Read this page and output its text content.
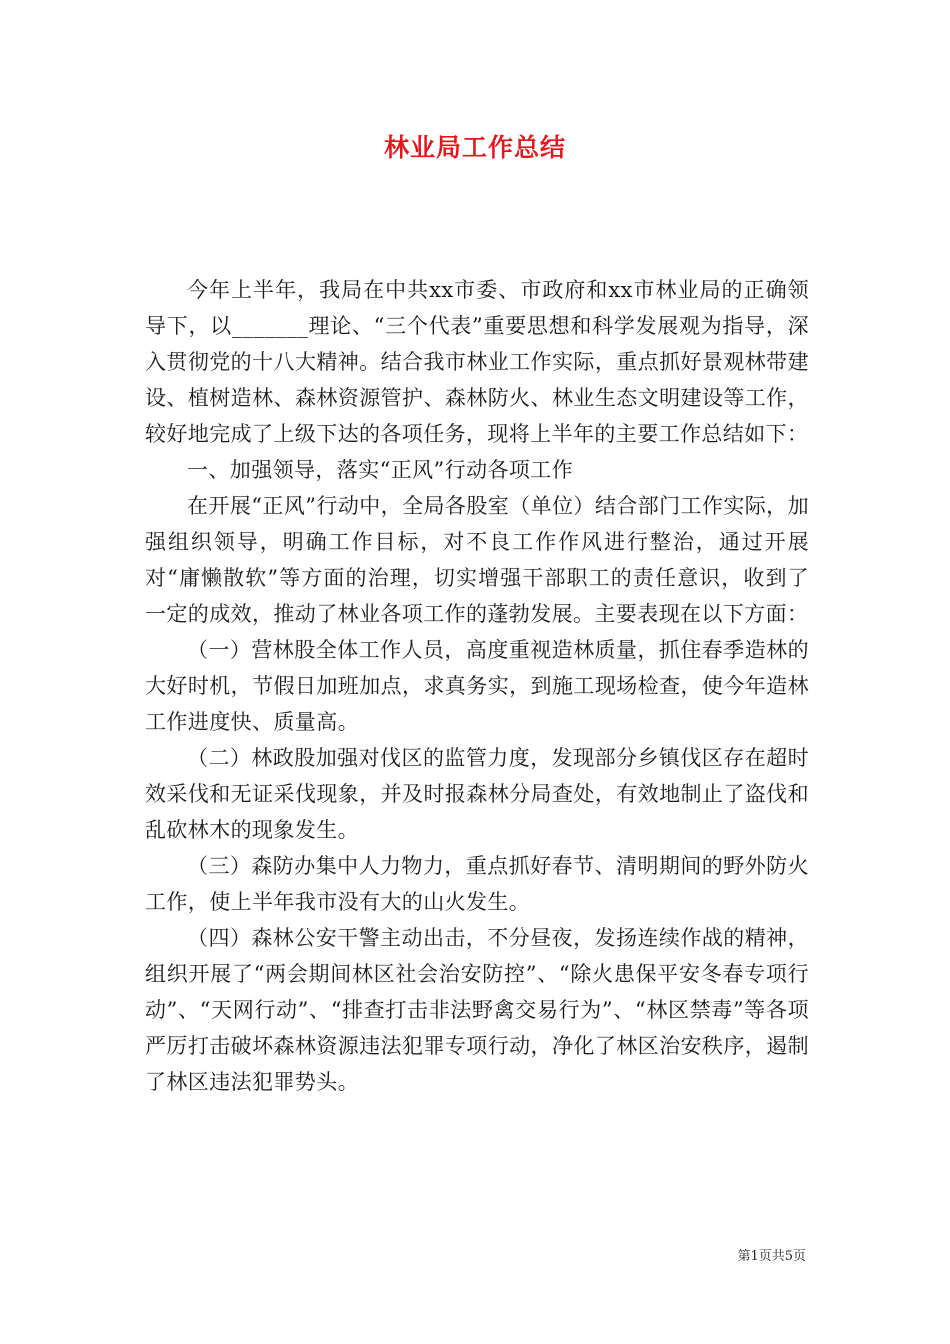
林业局工作总结

今年上半年，我局在中共xx市委、市政府和xx市林业局的正确领导下，以_______理论、“三个代表”重要思想和科学发展观为指导，深入贯彻党的十八大精神。结合我市林业工作实际，重点抓好景观林带建设、植树造林、森林资源管护、森林防火、林业生态文明建设等工作，较好地完成了上级下达的各项任务，现将上半年的主要工作总结如下：

一、加强领导，落实“正风”行动各项工作

在开展“正风”行动中，全局各股室（单位）结合部门工作实际，加强组织领导，明确工作目标，对不良工作作风进行整治，通过开展对“庸懒散软”等方面的治理，切实增强干部职工的责任意识，收到了一定的成效，推动了林业各项工作的蓬勃发展。主要表现在以下方面：

（一）营林股全体工作人员，高度重视造林质量，抓住春季造林的大好时机，节假日加班加点，求真务实，到施工现场检查，使今年造林工作进度快、质量高。

（二）林政股加强对伐区的监管力度，发现部分乡镇伐区存在超时效采伐和无证采伐现象，并及时报森林分局查处，有效地制止了盗伐和乱砍林木的现象发生。

（三）森防办集中人力物力，重点抓好春节、清明期间的野外防火工作，使上半年我市没有大的山火发生。

（四）森林公安干警主动出击，不分昼夜，发扬连续作战的精神，组织开展了“两会期间林区社会治安防控”、“除火患保平安冬春专项行动”、“天网行动”、“排查打击非法野禽交易行为”、“林区禁毒”等各项严厉打击破坏森林资源违法犯罪专项行动，净化了林区治安秩序，遏制了林区违法犯罪势头。

第1页共5页
